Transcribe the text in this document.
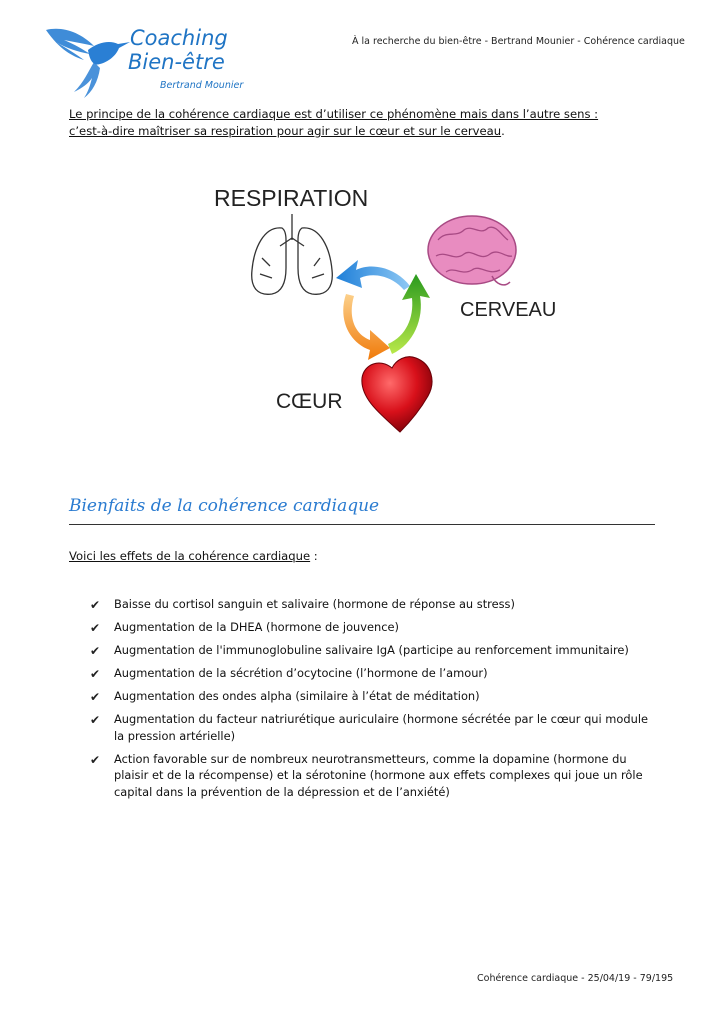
Coaching
Bien-être
Bertrand Mounier
À la recherche du bien-être - Bertrand Mounier - Cohérence cardiaque
Le principe de la cohérence cardiaque est d’utiliser ce phénomène mais dans l’autre sens : c’est-à-dire maîtriser sa respiration pour agir sur le cœur et sur le cerveau.
RESPIRATION
CERVEAU
CŒUR
Bienfaits de la cohérence cardiaque
Voici les effets de la cohérence cardiaque :
✔ Baisse du cortisol sanguin et salivaire (hormone de réponse au stress)
✔ Augmentation de la DHEA (hormone de jouvence)
✔ Augmentation de l'immunoglobuline salivaire IgA (participe au renforcement immunitaire)
✔ Augmentation de la sécrétion d’ocytocine (l’hormone de l’amour)
✔ Augmentation des ondes alpha (similaire à l’état de méditation)
✔ Augmentation du facteur natriurétique auriculaire (hormone sécrétée par le cœur qui module la pression artérielle)
✔ Action favorable sur de nombreux neurotransmetteurs, comme la dopamine (hormone du plaisir et de la récompense) et la sérotonine (hormone aux effets complexes qui joue un rôle capital dans la prévention de la dépression et de l’anxiété)
Cohérence cardiaque - 25/04/19 - 79/195
